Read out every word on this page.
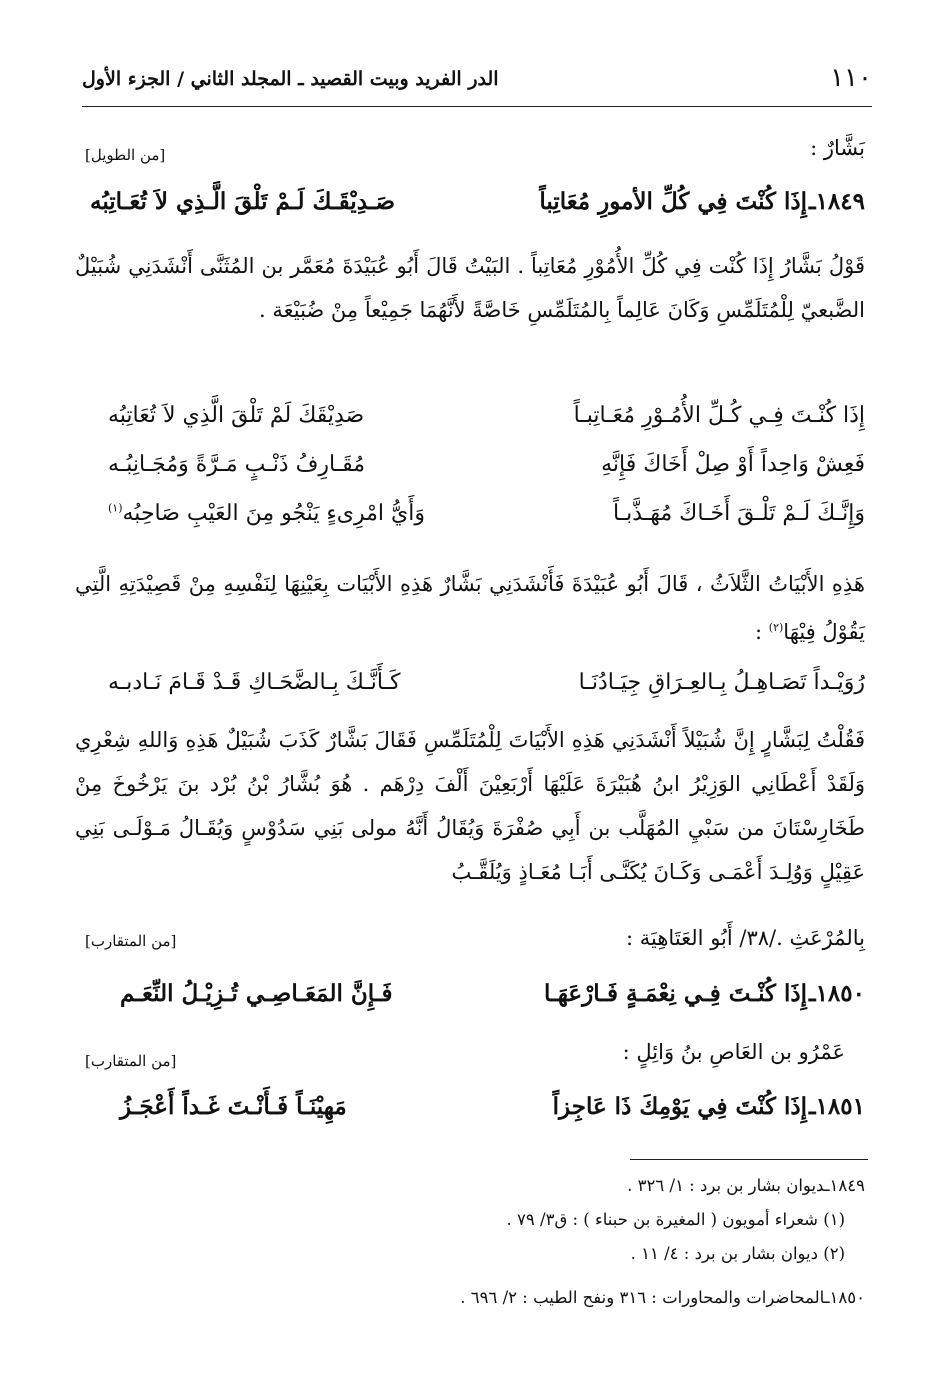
١١٠
الدر الفريد وبيت القصيد ـ المجلد الثاني / الجزء الأول
بَشَّارٌ :
[من الطويل]
١٨٤٩ـ
إِذَا كُنْتَ فِي كُلِّ الأمورِ مُعَاتِباً
صَـدِيْقَـكَ لَـمْ تَلْقَ الَّـذِي لاَ تُعَـاتِبُه
قَوْلُ بَشَّارُ إِذَا كُنْت فِي كُلِّ الأُمُوْرِ مُعَاتِباً . البَيْتُ قَالَ أَبُو عُبَيْدَةَ مُعَمَّر بن المُثَنَّى أَنْشَدَنِي شُبَيْلٌ الضَّبعيّ لِلْمُتَلَمِّسِ وَكَانَ عَالِماً بِالمُتَلَمِّسِ خَاصَّةً لأَنَّهُمَا جَمِيْعاً مِنْ ضُبَيْعَة .
إِذَا كُنْـتَ فِـي كُـلِّ الأُمُـوْرِ مُعَـاتِبـاً
صَدِيْقَكَ لَمْ تَلْقَ الَّذِي لاَ تُعَاتِبُه
فَعِشْ وَاحِداً أَوْ صِلْ أَخَاكَ فَإِنَّهِ
مُقَـارِفُ ذَنْـبٍ مَـرَّةً وَمُجَـانِبُـه
وَإِنَّـكَ لَـمْ تَلْـقَ أَخَـاكَ مُهَـذَّبـاً
وَأَيُّ امْرِىءٍ يَنْجُو مِنَ العَيْبِ صَاحِبُه$^{(١)}$
هَذِهِ الأَبْيَاتُ الثَّلاَثُ ، قَالَ أَبُو عُبَيْدَةَ فَأَنْشَدَنِي بَشَّارٌ هَذِهِ الأَبْيَات بِعَيْنِهَا لِنَفْسِهِ مِنْ قَصِيْدَتِهِ الَّتِي يَقُوْلُ فِيْهَا$^{(٢)}$ :
رُوَيْـداً تَصَـاهِـلُ بِـالعِـرَاقِ جِيَـادُنَـا
كَـأَنَّـكَ بِـالضَّحَـاكِ قَـدْ قَـامَ نَـادبـه
فَقُلْتُ لِبَشَّارٍ إِنَّ شُبَيْلاً أَنْشَدَنِي هَذِهِ الأَبْيَاتَ لِلْمُتَلَمِّسِ فَقَالَ بَشَّارٌ كَذَبَ شُبَيْلٌ هَذِهِ وَاللهِ شِعْرِي وَلَقَدْ أَعْطَانِي الوَزِيْرُ ابنُ هُبَيْرَةَ عَلَيْهَا أَرْبَعِيْنَ أَلْفَ دِرْهَم . هُوَ بُشَّارُ بْنُ بُرْد بنَ يَرْخُوخَ مِنْ طَخَارِسْتَانَ من سَبْيِ المُهَلَّب بن أَبِي صُفْرَةَ وَيُقَالُ أَنَّهُ مولى بَنِي سَدُوْسٍ وَيُقَـالُ مَـوْلَـى بَنِي عَقِيْلٍ وَوُلِـدَ أَعْمَـى وَكَـانَ يُكَنَّـى أَبَـا مُعَـاذٍ وَيُلَقَّـبُ
بِالمُرْعَثِ ./٣٨/ أَبُو العَتَاهِيَة :
[من المتقارب]
١٨٥٠ـ
إِذَا كُنْـتَ فِـي نِعْمَـةٍ فَـارْعَهَـا
فَـإِنَّ المَعَـاصِـي تُـزِيْـلُ النِّعَـم
عَمْرُو بن العَاصِ بنُ وَائِلٍ :
[من المتقارب]
١٨٥١ـ
إِذَا كُنْتَ فِي يَوْمِكَ ذَا عَاجِزاً
مَهِيْنَـاً فَـأَنْـتَ غَـداً أَعْجَـزُ
١٨٤٩ـديوان بشار بن برد : ١/ ٣٢٦ .
(١) شعراء أمويون ( المغيرة بن حبناء ) : ق٣/ ٧٩ .
(٢) ديوان بشار بن برد : ٤/ ١١ .
١٨٥٠ـالمحاضرات والمحاورات : ٣١٦ ونفح الطيب : ٢/ ٦٩٦ .
